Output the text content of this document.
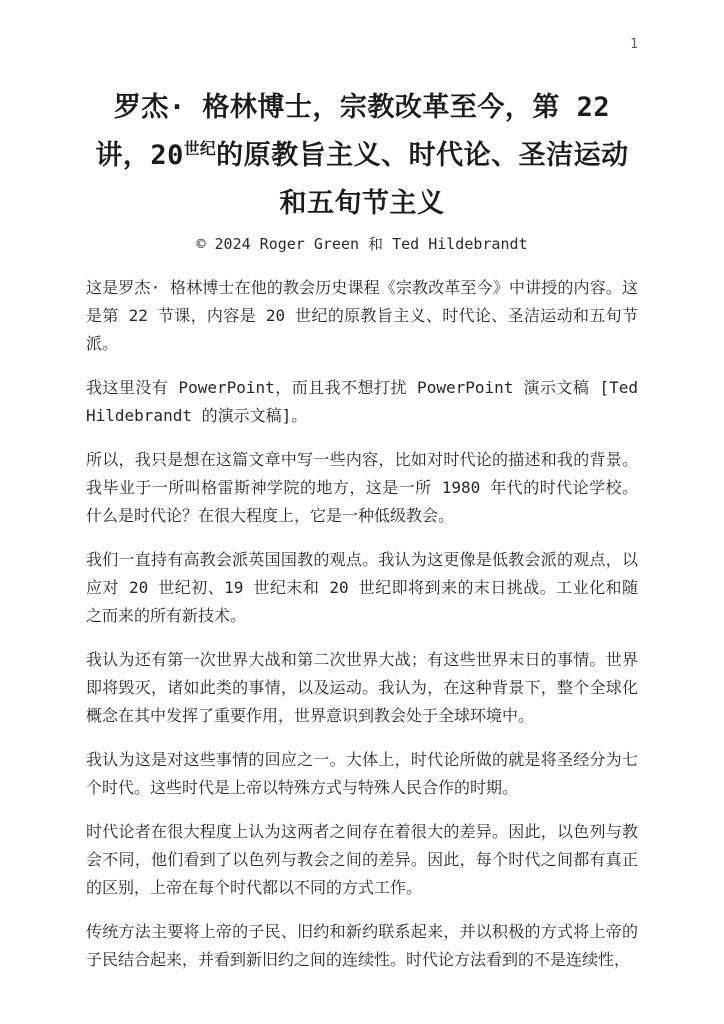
1
罗杰· 格林博士，宗教改革至今，第 22 讲，$20^{世纪}$的原教旨主义、时代论、圣洁运动和五旬节主义
© 2024 Roger Green 和 Ted Hildebrandt

这是罗杰· 格林博士在他的教会历史课程《宗教改革至今》中讲授的内容。这是第 22 节课，内容是 20 世纪的原教旨主义、时代论、圣洁运动和五旬节派。

我这里没有 PowerPoint，而且我不想打扰 PowerPoint 演示文稿 [Ted Hildebrandt 的演示文稿]。

所以，我只是想在这篇文章中写一些内容，比如对时代论的描述和我的背景。我毕业于一所叫格雷斯神学院的地方，这是一所 1980 年代的时代论学校。什么是时代论？在很大程度上，它是一种低级教会。

我们一直持有高教会派英国国教的观点。我认为这更像是低教会派的观点，以应对 20 世纪初、19 世纪末和 20 世纪即将到来的末日挑战。工业化和随之而来的所有新技术。

我认为还有第一次世界大战和第二次世界大战；有这些世界末日的事情。世界即将毁灭，诸如此类的事情，以及运动。我认为，在这种背景下，整个全球化概念在其中发挥了重要作用，世界意识到教会处于全球环境中。

我认为这是对这些事情的回应之一。大体上，时代论所做的就是将圣经分为七个时代。这些时代是上帝以特殊方式与特殊人民合作的时期。

时代论者在很大程度上认为这两者之间存在着很大的差异。因此，以色列与教会不同，他们看到了以色列与教会之间的差异。因此，每个时代之间都有真正的区别，上帝在每个时代都以不同的方式工作。

传统方法主要将上帝的子民、旧约和新约联系起来，并以积极的方式将上帝的子民结合起来，并看到新旧约之间的连续性。时代论方法看到的不是连续性，
